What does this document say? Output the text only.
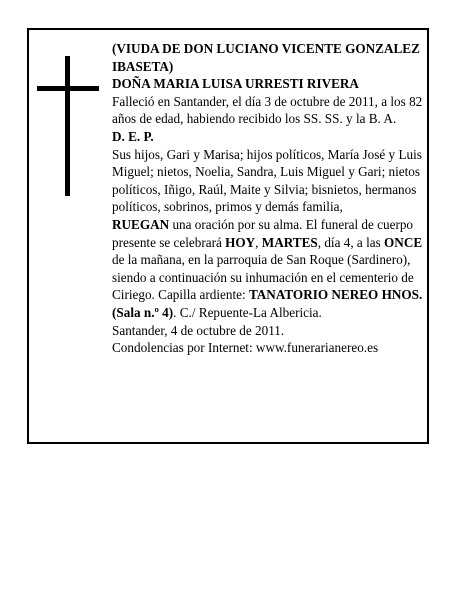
(VIUDA DE DON LUCIANO VICENTE GONZALEZ IBASETA)

DOÑA MARIA LUISA URRESTI RIVERA

Falleció en Santander, el día 3 de octubre de 2011, a los 82 años de edad, habiendo recibido los SS. SS. y la B. A.

D. E. P.

Sus hijos, Gari y Marisa; hijos políticos, María José y Luis Miguel; nietos, Noelia, Sandra, Luis Miguel y Gari; nietos políticos, Iñigo, Raúl, Maite y Silvia; bisnietos, hermanos políticos, sobrinos, primos y demás familia,

RUEGAN una oración por su alma. El funeral de cuerpo presente se celebrará HOY, MARTES, día 4, a las ONCE de la mañana, en la parroquia de San Roque (Sardinero), siendo a continuación su inhumación en el cementerio de Ciriego. Capilla ardiente: TANATORIO NEREO HNOS. (Sala n.º 4). C./ Repuente-La Albericia.

Santander, 4 de octubre de 2011.

Condolencias por Internet: www.funerarianereo.es
